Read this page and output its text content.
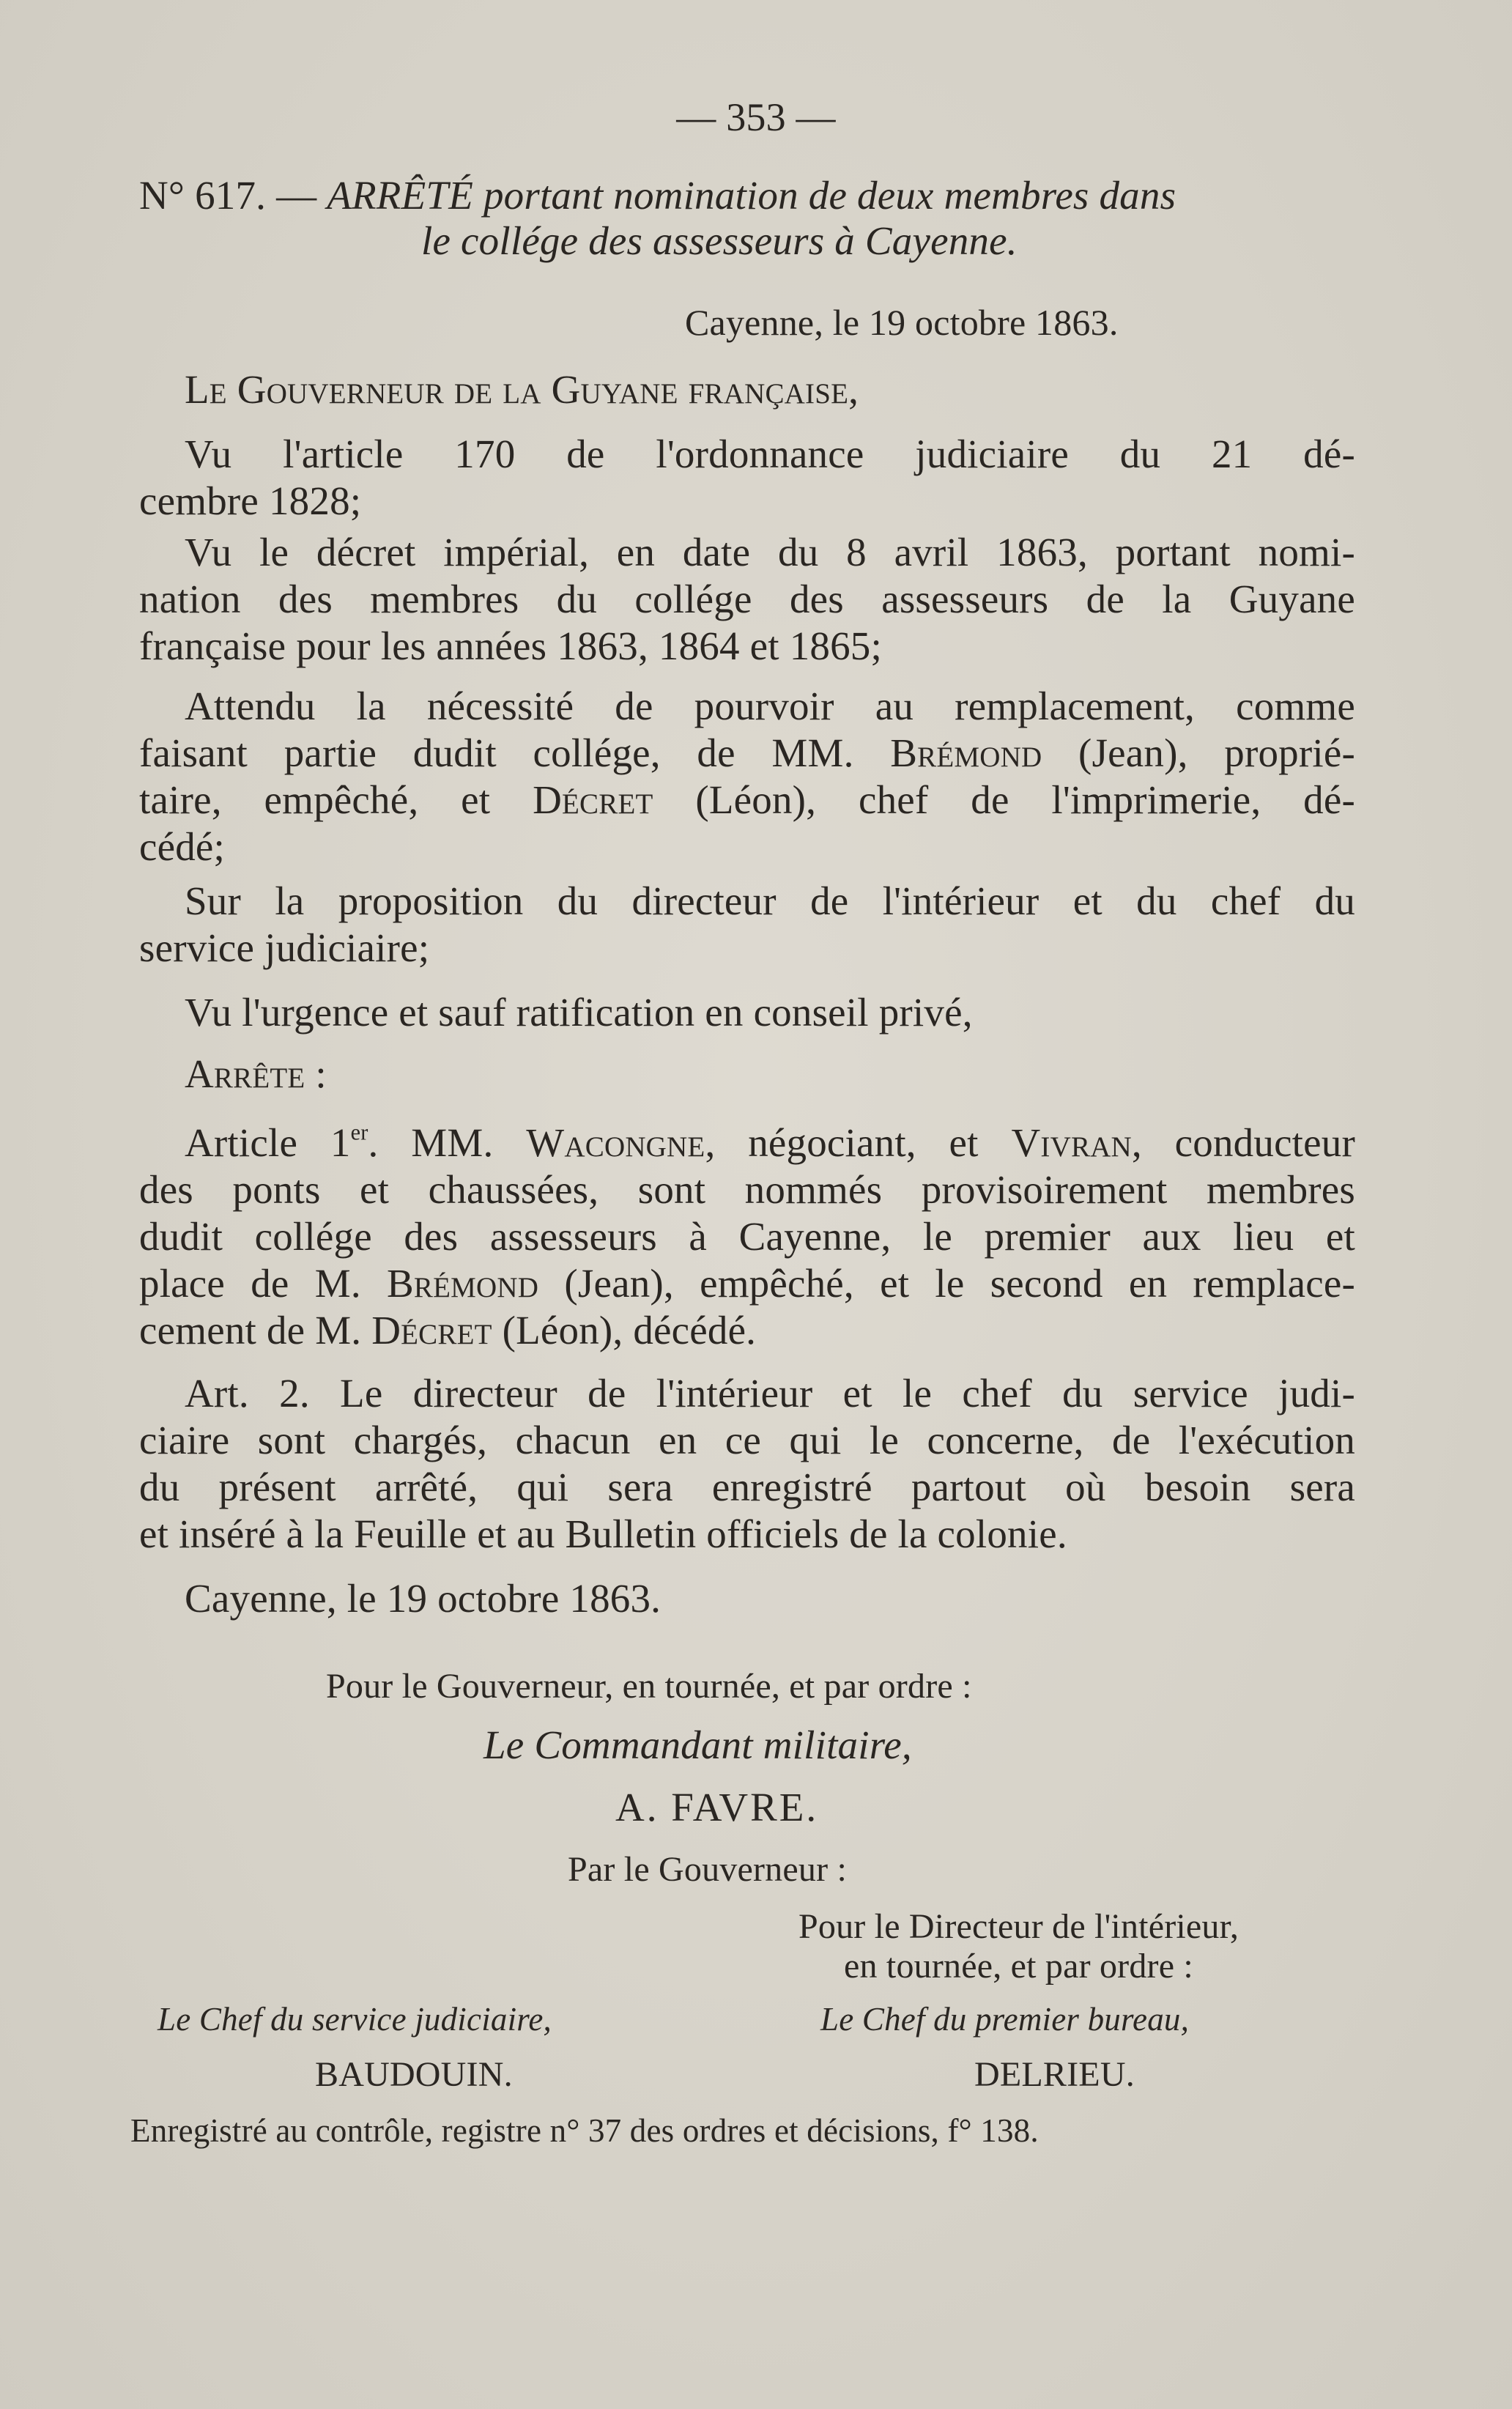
— 353 —
N° 617. — ARRÊTÉ portant nomination de deux membres dans
le collége des assesseurs à Cayenne.
Cayenne, le 19 octobre 1863.
Le Gouverneur de la Guyane française,
Vu l'article 170 de l'ordonnance judiciaire du 21 dé-
cembre 1828;
Vu le décret impérial, en date du 8 avril 1863, portant nomi-
nation des membres du collége des assesseurs de la Guyane
française pour les années 1863, 1864 et 1865;
Attendu la nécessité de pourvoir au remplacement, comme
faisant partie dudit collége, de MM. Brémond (Jean), proprié-
taire, empêché, et Décret (Léon), chef de l'imprimerie, dé-
cédé;
Sur la proposition du directeur de l'intérieur et du chef du
service judiciaire;
Vu l'urgence et sauf ratification en conseil privé,
Arrête :
Article 1er. MM. Wacongne, négociant, et Vivran, conducteur
des ponts et chaussées, sont nommés provisoirement membres
dudit collége des assesseurs à Cayenne, le premier aux lieu et
place de M. Brémond (Jean), empêché, et le second en remplace-
cement de M. Décret (Léon), décédé.
Art. 2. Le directeur de l'intérieur et le chef du service judi-
ciaire sont chargés, chacun en ce qui le concerne, de l'exécution
du présent arrêté, qui sera enregistré partout où besoin sera
et inséré à la Feuille et au Bulletin officiels de la colonie.
Cayenne, le 19 octobre 1863.
Pour le Gouverneur, en tournée, et par ordre :
Le Commandant militaire,
A. FAVRE.
Par le Gouverneur :
Pour le Directeur de l'intérieur,
en tournée, et par ordre :
Le Chef du service judiciaire,	Le Chef du premier bureau,
BAUDOUIN.	DELRIEU.
Enregistré au contrôle, registre n° 37 des ordres et décisions, f° 138.
